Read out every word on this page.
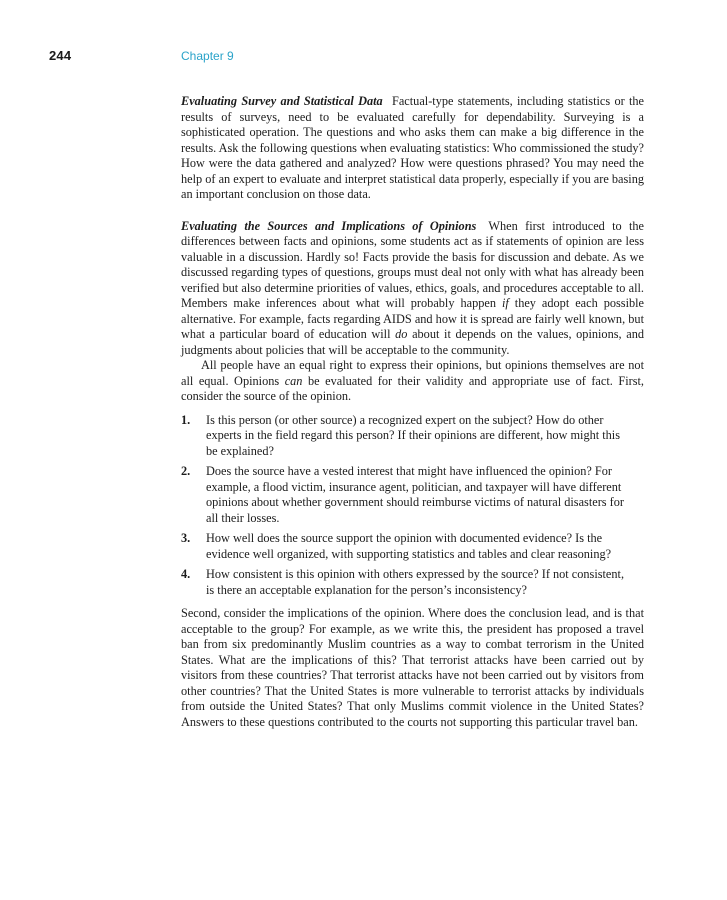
244	Chapter 9

Evaluating Survey and Statistical Data Factual-type statements, including statistics or the results of surveys, need to be evaluated carefully for dependability. Surveying is a sophisticated operation. The questions and who asks them can make a big difference in the results. Ask the following questions when evaluating statistics: Who commissioned the study? How were the data gathered and analyzed? How were questions phrased? You may need the help of an expert to evaluate and interpret statistical data properly, especially if you are basing an important conclusion on those data.

Evaluating the Sources and Implications of Opinions When first introduced to the differences between facts and opinions, some students act as if statements of opinion are less valuable in a discussion. Hardly so! Facts provide the basis for discussion and debate. As we discussed regarding types of questions, groups must deal not only with what has already been verified but also determine priorities of values, ethics, goals, and procedures acceptable to all. Members make inferences about what will probably happen if they adopt each possible alternative. For example, facts regarding AIDS and how it is spread are fairly well known, but what a particular board of education will do about it depends on the values, opinions, and judgments about policies that will be acceptable to the community.

All people have an equal right to express their opinions, but opinions themselves are not all equal. Opinions can be evaluated for their validity and appropriate use of fact. First, consider the source of the opinion.

1. Is this person (or other source) a recognized expert on the subject? How do other experts in the field regard this person? If their opinions are different, how might this be explained?
2. Does the source have a vested interest that might have influenced the opinion? For example, a flood victim, insurance agent, politician, and taxpayer will have different opinions about whether government should reimburse victims of natural disasters for all their losses.
3. How well does the source support the opinion with documented evidence? Is the evidence well organized, with supporting statistics and tables and clear reasoning?
4. How consistent is this opinion with others expressed by the source? If not consistent, is there an acceptable explanation for the person’s inconsistency?

Second, consider the implications of the opinion. Where does the conclusion lead, and is that acceptable to the group? For example, as we write this, the president has proposed a travel ban from six predominantly Muslim countries as a way to combat terrorism in the United States. What are the implications of this? That terrorist attacks have been carried out by visitors from these countries? That terrorist attacks have not been carried out by visitors from other countries? That the United States is more vulnerable to terrorist attacks by individuals from outside the United States? That only Muslims commit violence in the United States? Answers to these questions contributed to the courts not supporting this particular travel ban.
